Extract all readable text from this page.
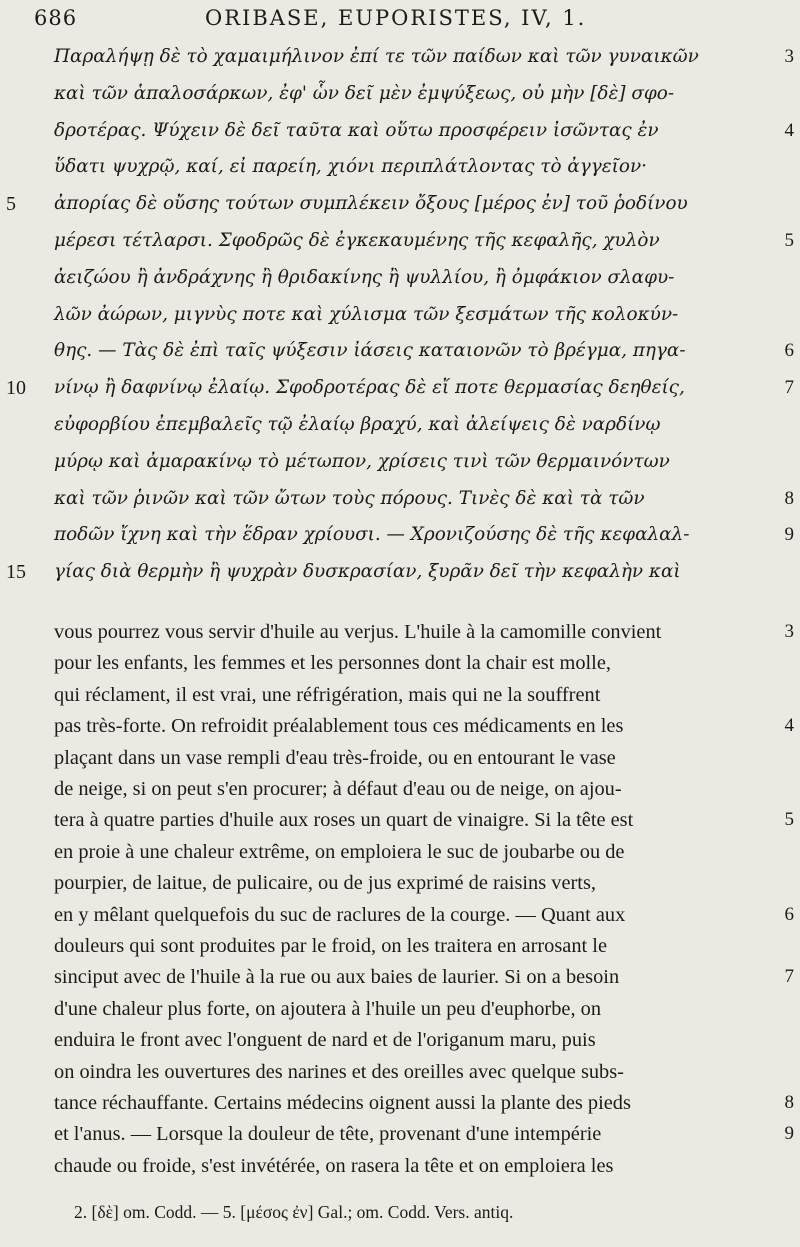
686	ORIBASE, EUPORISTES, IV, 1.
Παραλήψῃ δὲ τὸ χαμαιμήλινον ἐπί τε τῶν παίδων καὶ τῶν γυναικῶν	3
καὶ τῶν ἁπαλοσάρκων, ἐφ' ὧν δεῖ μὲν ἐμψύξεως, οὐ μὴν [δὲ] σφο-
δροτέρας. Ψύχειν δὲ δεῖ ταῦτα καὶ οὕτω προσφέρειν ἰσῶντας ἐν	4
ὕδατι ψυχρῷ, καί, εἰ παρείη, χιόνι περιπλάτλοντας τὸ ἀγγεῖον·
5	ἀπορίας δὲ οὔσης τούτων συμπλέκειν ὄξους [μέρος ἐν] τοῦ ῥοδίνου
μέρεσι τέτλαρσι. Σφοδρῶς δὲ ἐγκεκαυμένης τῆς κεφαλῆς, χυλὸν	5
ἀειζώου ἢ ἀνδράχνης ἢ θριδακίνης ἢ ψυλλίου, ἢ ὀμφάκιον σλαφυ-
λῶν ἀώρων, μιγνὺς ποτε καὶ χύλισμα τῶν ξεσμάτων τῆς κολοκύν-
θης. — Τὰς δὲ ἐπὶ ταῖς ψύξεσιν ἰάσεις καταιονῶν τὸ βρέγμα, πηγα-	6
10	νίνῳ ἢ δαφνίνῳ ἐλαίῳ. Σφοδροτέρας δὲ εἴ ποτε θερμασίας δεηθείς,	7
εὐφορβίου ἐπεμβαλεῖς τῷ ἐλαίῳ βραχύ, καὶ ἀλείψεις δὲ ναρδίνῳ
μύρῳ καὶ ἀμαρακίνῳ τὸ μέτωπον, χρίσεις τινὶ τῶν θερμαινόντων
καὶ τῶν ῥινῶν καὶ τῶν ὤτων τοὺς πόρους. Τινὲς δὲ καὶ τὰ τῶν	8
ποδῶν ἴχνη καὶ τὴν ἕδραν χρίουσι. — Χρονιζούσης δὲ τῆς κεφαλαλ-	9
15	γίας διὰ θερμὴν ἢ ψυχρὰν δυσκρασίαν, ξυρᾶν δεῖ τὴν κεφαλὴν καὶ
vous pourrez vous servir d'huile au verjus. L'huile à la camomille convient	3
pour les enfants, les femmes et les personnes dont la chair est molle,
qui réclament, il est vrai, une réfrigération, mais qui ne la souffrent
pas très-forte. On refroidit préalablement tous ces médicaments en les	4
plaçant dans un vase rempli d'eau très-froide, ou en entourant le vase
de neige, si on peut s'en procurer; à défaut d'eau ou de neige, on ajou-
tera à quatre parties d'huile aux roses un quart de vinaigre. Si la tête est	5
en proie à une chaleur extrême, on emploiera le suc de joubarbe ou de
pourpier, de laitue, de pulicaire, ou de jus exprimé de raisins verts,
en y mêlant quelquefois du suc de raclures de la courge. — Quant aux	6
douleurs qui sont produites par le froid, on les traitera en arrosant le
sinciput avec de l'huile à la rue ou aux baies de laurier. Si on a besoin	7
d'une chaleur plus forte, on ajoutera à l'huile un peu d'euphorbe, on
enduira le front avec l'onguent de nard et de l'origanum maru, puis
on oindra les ouvertures des narines et des oreilles avec quelque subs-
tance réchauffante. Certains médecins oignent aussi la plante des pieds	8
et l'anus. — Lorsque la douleur de tête, provenant d'une intempérie	9
chaude ou froide, s'est invétérée, on rasera la tête et on emploiera les
2. [δὲ] om. Codd. — 5. [μέσος ἐν] Gal.; om. Codd. Vers. antiq.
